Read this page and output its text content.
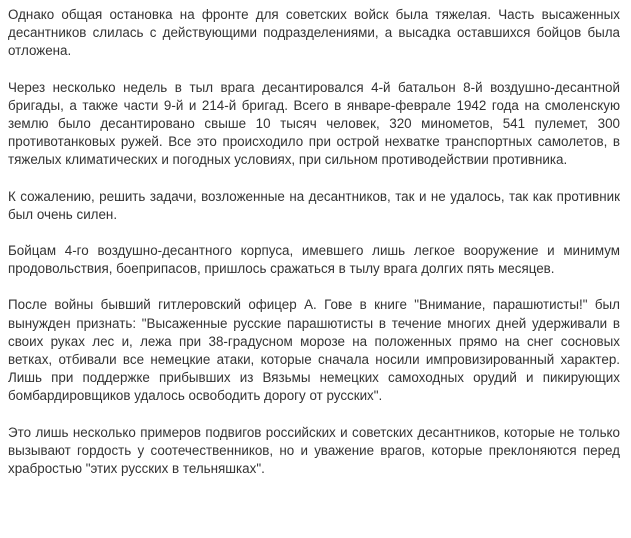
Однако общая остановка на фронте для советских войск была тяжелая. Часть высаженных десантников слилась с действующими подразделениями, а высадка оставшихся бойцов была отложена.

Через несколько недель в тыл врага десантировался 4-й батальон 8-й воздушно-десантной бригады, а также части 9-й и 214-й бригад. Всего в январе-феврале 1942 года на смоленскую землю было десантировано свыше 10 тысяч человек, 320 минометов, 541 пулемет, 300 противотанковых ружей. Все это происходило при острой нехватке транспортных самолетов, в тяжелых климатических и погодных условиях, при сильном противодействии противника.

К сожалению, решить задачи, возложенные на десантников, так и не удалось, так как противник был очень силен.

Бойцам 4-го воздушно-десантного корпуса, имевшего лишь легкое вооружение и минимум продовольствия, боеприпасов, пришлось сражаться в тылу врага долгих пять месяцев.

После войны бывший гитлеровский офицер А. Гове в книге "Внимание, парашютисты!" был вынужден признать: "Высаженные русские парашютисты в течение многих дней удерживали в своих руках лес и, лежа при 38-градусном морозе на положенных прямо на снег сосновых ветках, отбивали все немецкие атаки, которые сначала носили импровизированный характер. Лишь при поддержке прибывших из Вязьмы немецких самоходных орудий и пикирующих бомбардировщиков удалось освободить дорогу от русских".

Это лишь несколько примеров подвигов российских и советских десантников, которые не только вызывают гордость у соотечественников, но и уважение врагов, которые преклоняются перед храбростью "этих русских в тельняшках".
